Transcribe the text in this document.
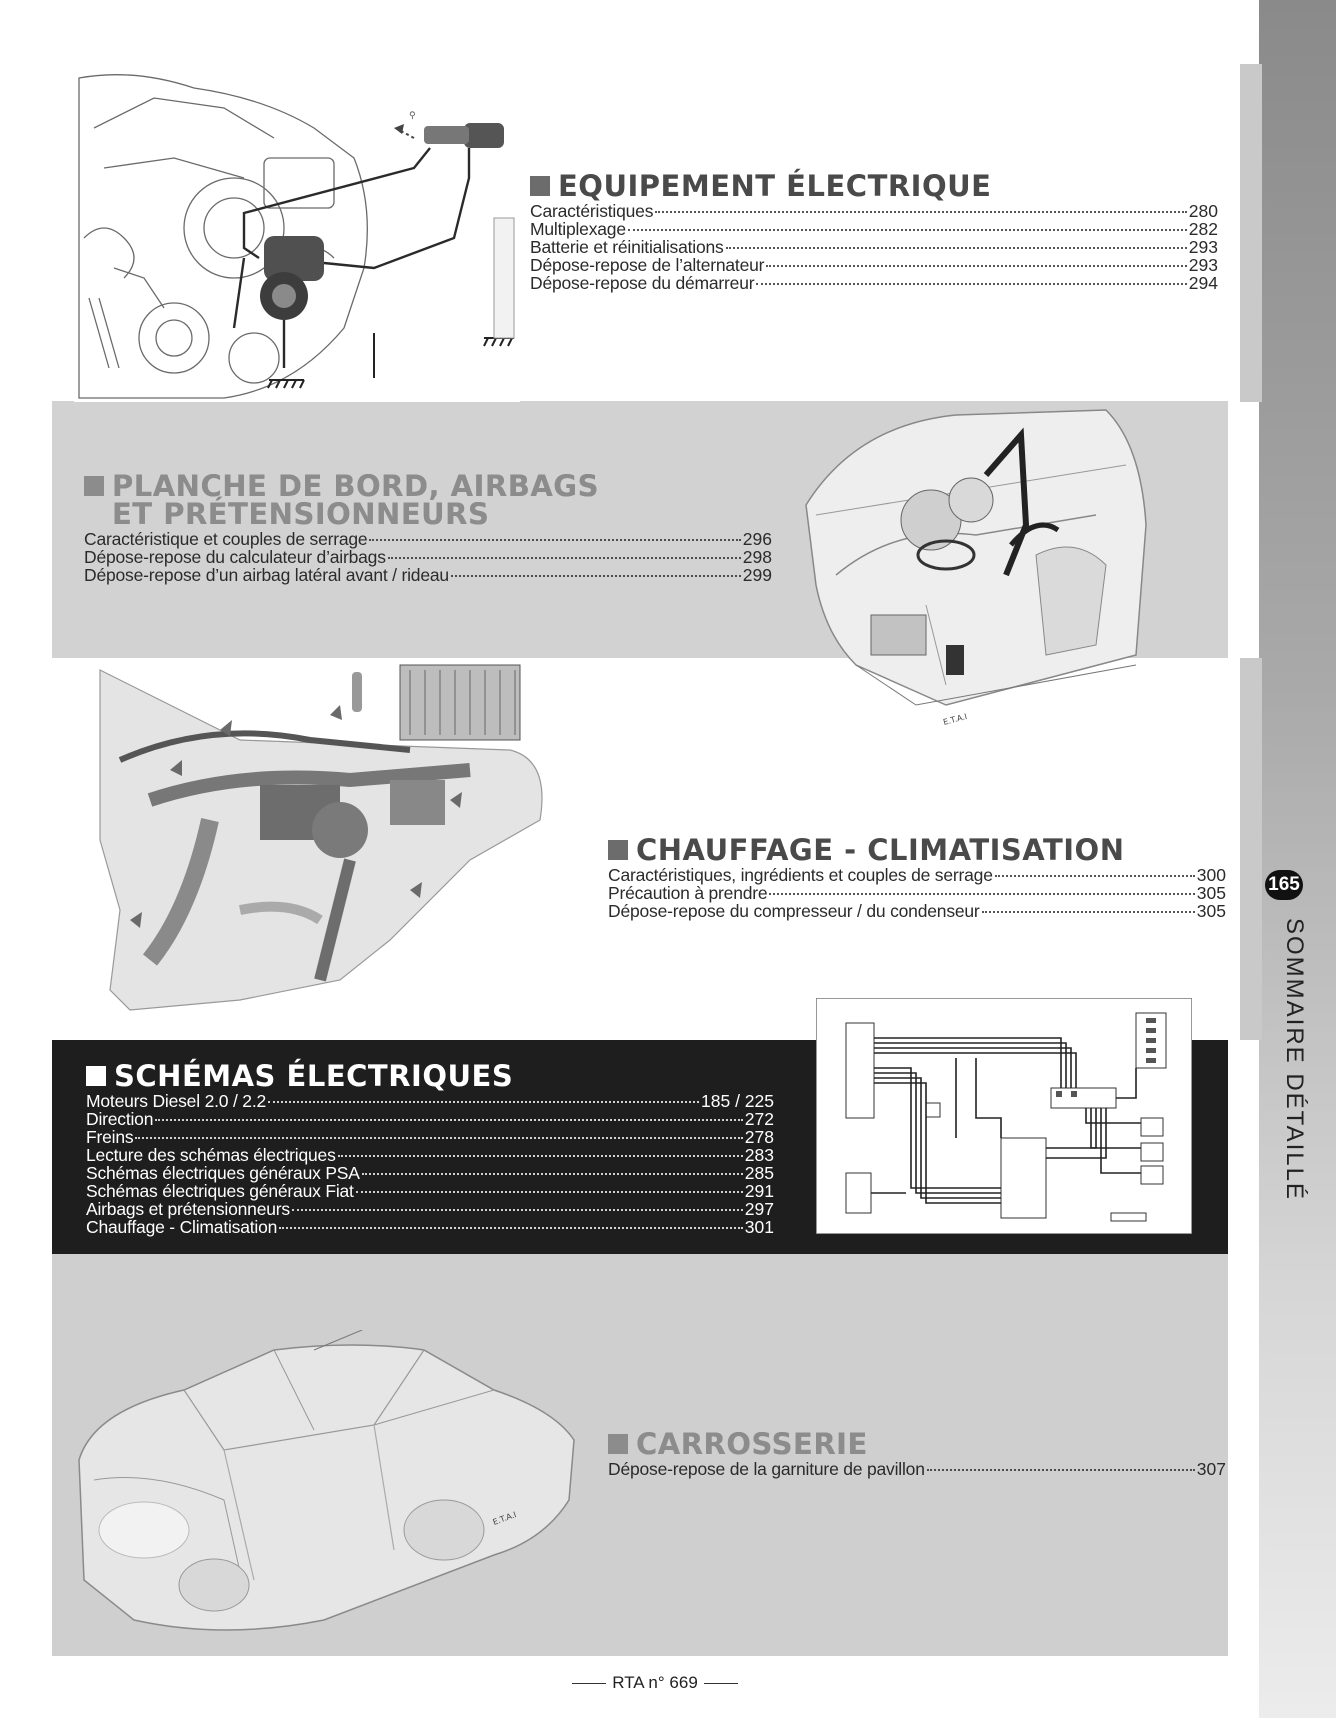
165
SOMMAIRE DÉTAILLÉ
⚲
EQUIPEMENT ÉLECTRIQUE
Caractéristiques	280
Multiplexage	282
Batterie et réinitialisations	293
Dépose-repose de l’alternateur	293
Dépose-repose du démarreur	294
PLANCHE DE BORD, AIRBAGS
ET PRÉTENSIONNEURS
Caractéristique et couples de serrage	296
Dépose-repose du calculateur d’airbags	298
Dépose-repose d’un airbag latéral avant / rideau	299
E.T.A.I
CHAUFFAGE - CLIMATISATION
Caractéristiques, ingrédients et couples de serrage	300
Précaution à prendre	305
Dépose-repose du compresseur / du condenseur	305
SCHÉMAS ÉLECTRIQUES
Moteurs Diesel 2.0 / 2.2	185 / 225
Direction	272
Freins	278
Lecture des schémas électriques	283
Schémas électriques généraux PSA	285
Schémas électriques généraux Fiat	291
Airbags et prétensionneurs	297
Chauffage - Climatisation	301
E.T.A.I
CARROSSERIE
Dépose-repose de la garniture de pavillon	307
RTA n° 669
